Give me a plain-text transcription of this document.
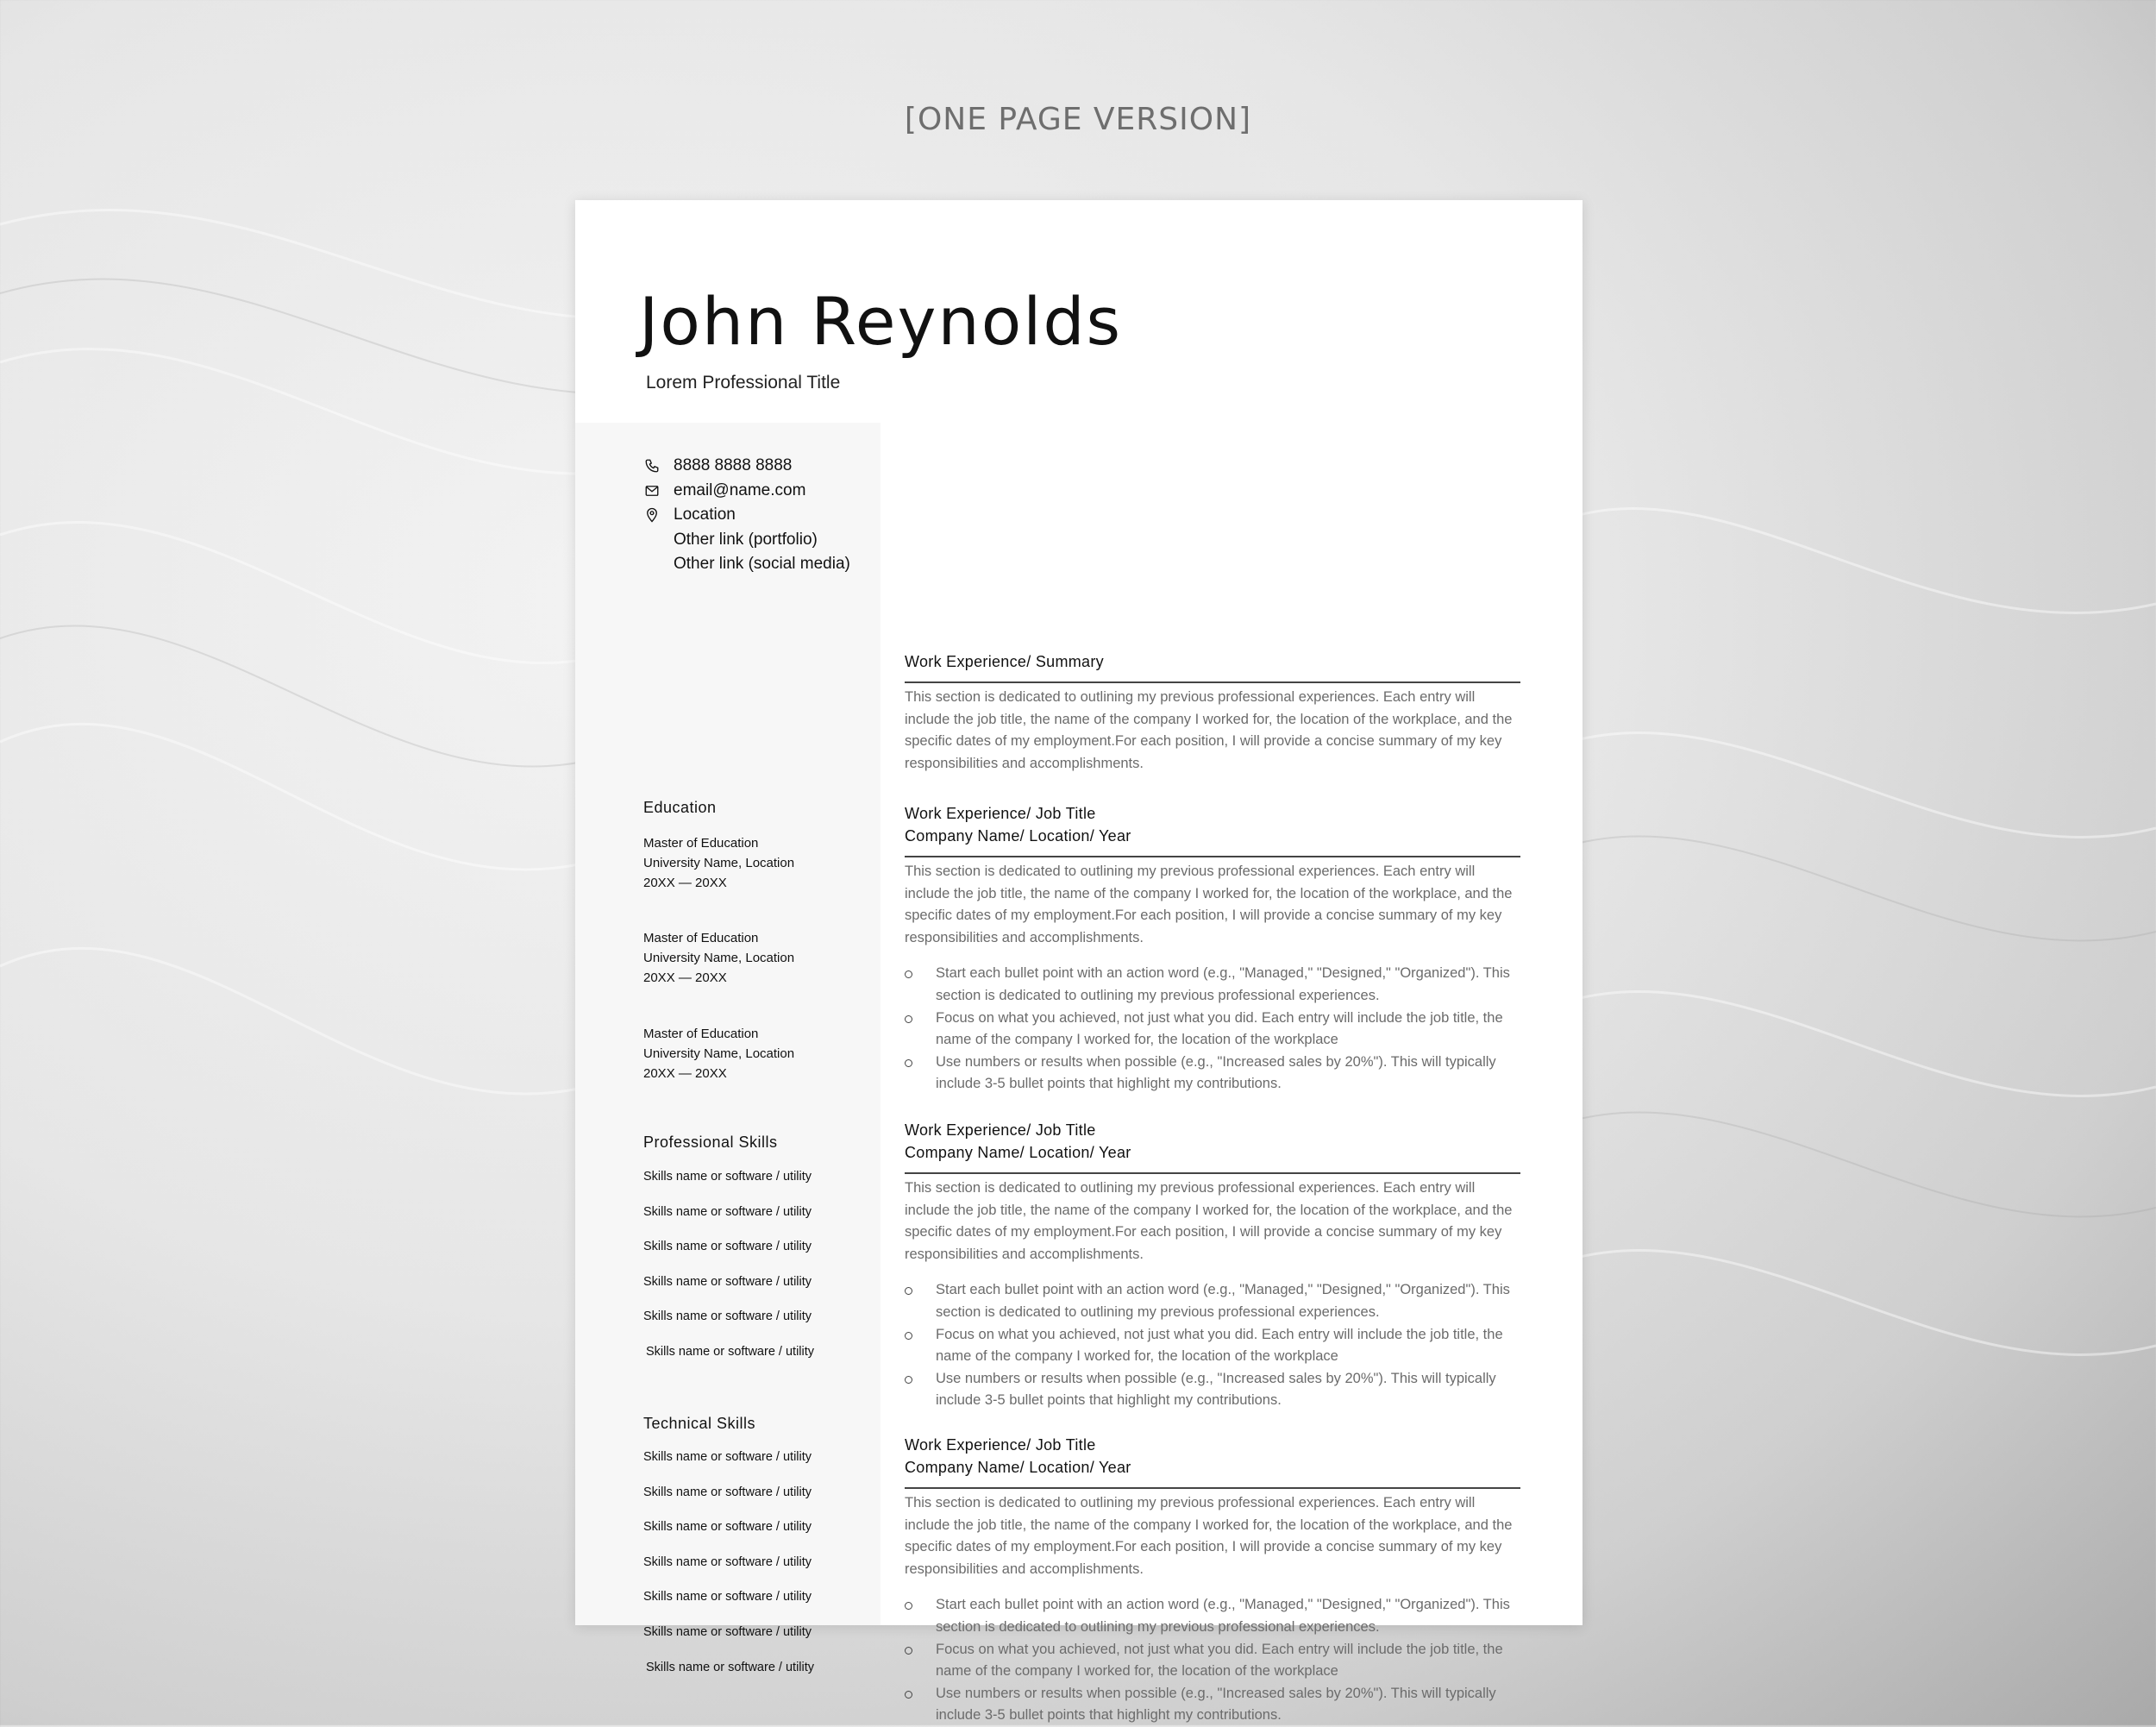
[ONE PAGE VERSION]
John Reynolds
Lorem Professional Title
8888 8888 8888
email@name.com
Location
Other link (portfolio)
Other link (social media)
Education
Master of Education
University Name, Location
20XX — 20XX
Master of Education
University Name, Location
20XX — 20XX
Master of Education
University Name, Location
20XX — 20XX
Professional Skills
Skills name or software / utility
Skills name or software / utility
Skills name or software / utility
Skills name or software / utility
Skills name or software / utility
Skills name or software / utility
Technical Skills
Skills name or software / utility
Skills name or software / utility
Skills name or software / utility
Skills name or software / utility
Skills name or software / utility
Skills name or software / utility
Skills name or software / utility
Work Experience/ Summary
This section is dedicated to outlining my previous professional experiences. Each entry will include the job title, the name of the company I worked for, the location of the workplace, and the specific dates of my employment.For each position, I will provide a concise summary of my key responsibilities and accomplishments.
Work Experience/ Job Title
Company Name/ Location/ Year
This section is dedicated to outlining my previous professional experiences. Each entry will include the job title, the name of the company I worked for, the location of the workplace, and the specific dates of my employment.For each position, I will provide a concise summary of my key responsibilities and accomplishments.
Start each bullet point with an action word (e.g., "Managed," "Designed," "Organized"). This section is dedicated to outlining my previous professional experiences.
Focus on what you achieved, not just what you did. Each entry will include the job title, the name of the company I worked for, the location of the workplace
Use numbers or results when possible (e.g., "Increased sales by 20%"). This will typically include 3-5 bullet points that highlight my contributions.
Work Experience/ Job Title
Company Name/ Location/ Year
This section is dedicated to outlining my previous professional experiences. Each entry will include the job title, the name of the company I worked for, the location of the workplace, and the specific dates of my employment.For each position, I will provide a concise summary of my key responsibilities and accomplishments.
Start each bullet point with an action word (e.g., "Managed," "Designed," "Organized"). This section is dedicated to outlining my previous professional experiences.
Focus on what you achieved, not just what you did. Each entry will include the job title, the name of the company I worked for, the location of the workplace
Use numbers or results when possible (e.g., "Increased sales by 20%"). This will typically include 3-5 bullet points that highlight my contributions.
Work Experience/ Job Title
Company Name/ Location/ Year
This section is dedicated to outlining my previous professional experiences. Each entry will include the job title, the name of the company I worked for, the location of the workplace, and the specific dates of my employment.For each position, I will provide a concise summary of my key responsibilities and accomplishments.
Start each bullet point with an action word (e.g., "Managed," "Designed," "Organized"). This section is dedicated to outlining my previous professional experiences.
Focus on what you achieved, not just what you did. Each entry will include the job title, the name of the company I worked for, the location of the workplace
Use numbers or results when possible (e.g., "Increased sales by 20%"). This will typically include 3-5 bullet points that highlight my contributions.
